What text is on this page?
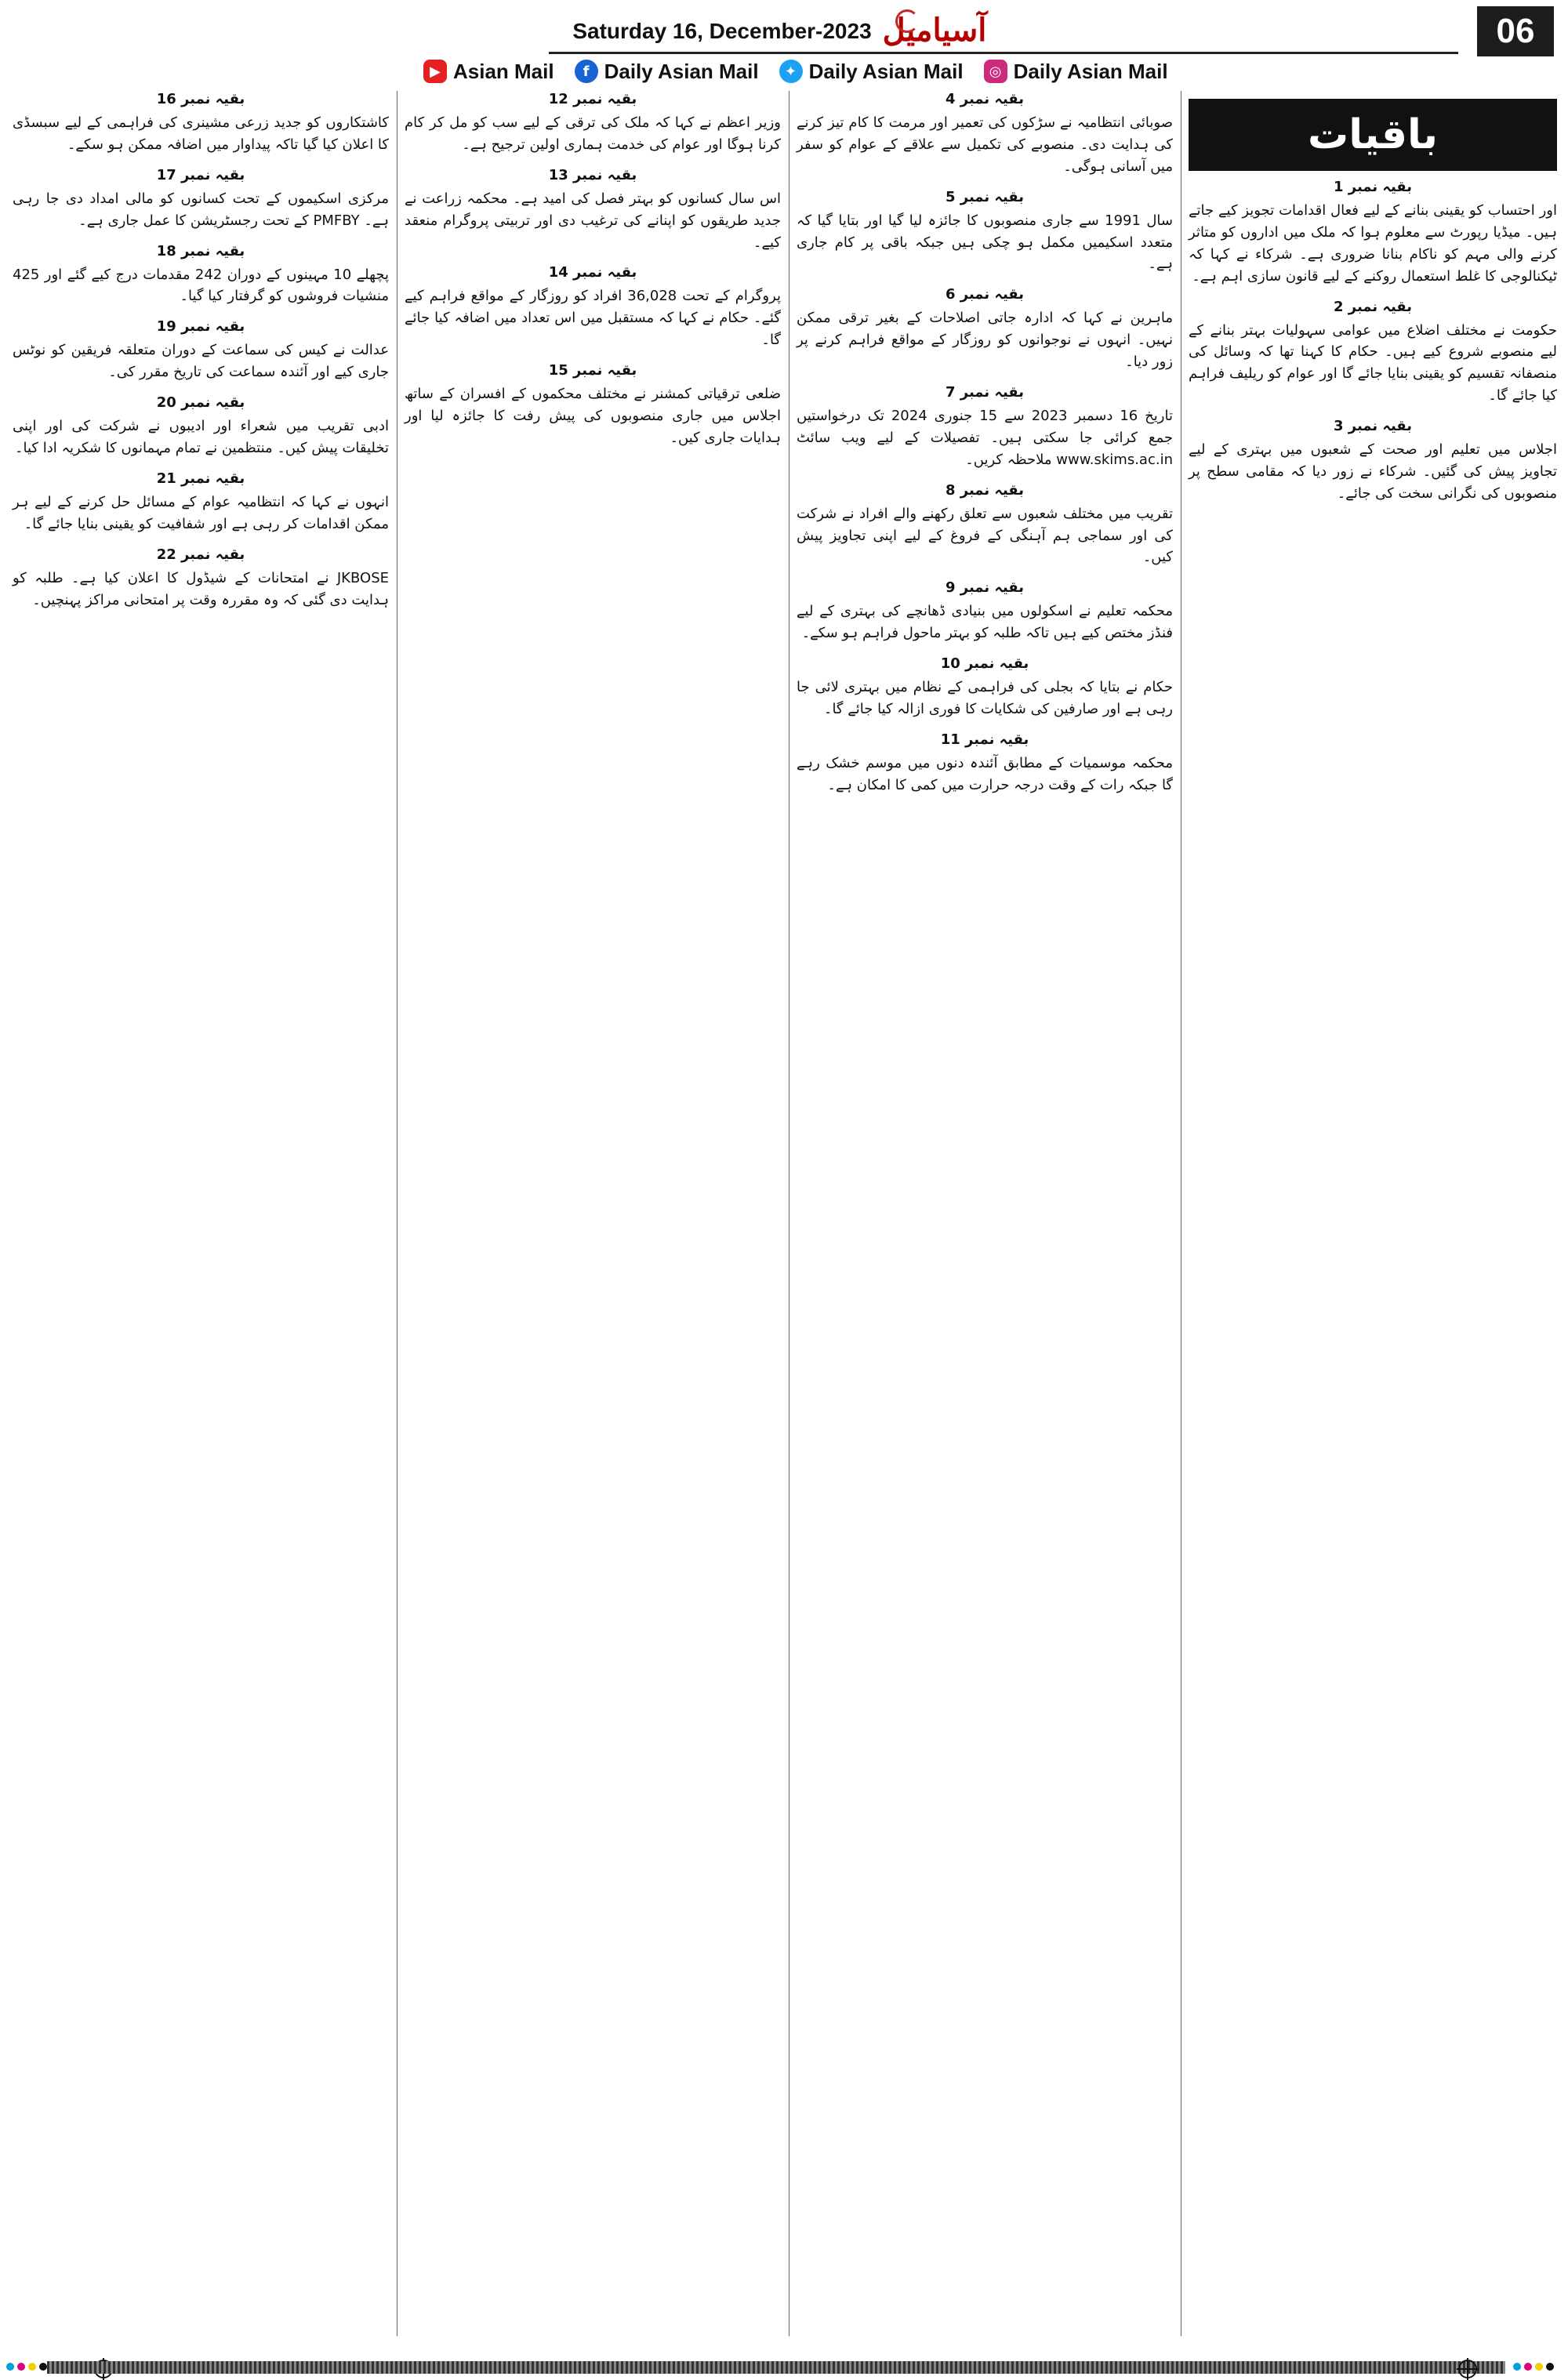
Saturday 16, December-2023 آسیامیل	06
▶ Asian Mail	f Daily Asian Mail	✦ Daily Asian Mail	◎ Daily Asian Mail
باقیات
بقیہ نمبر 1
اور احتساب کو یقینی بنانے کے لیے فعال اقدامات تجویز کیے جاتے ہیں۔ میڈیا رپورٹ سے معلوم ہوا کہ ملک میں اداروں کو متاثر کرنے والی مہم کو ناکام بنانا ضروری ہے۔ شرکاء نے کہا کہ ٹیکنالوجی کا غلط استعمال روکنے کے لیے قانون سازی اہم ہے۔
بقیہ نمبر 2
حکومت نے مختلف اضلاع میں عوامی سہولیات بہتر بنانے کے لیے منصوبے شروع کیے ہیں۔ حکام کا کہنا تھا کہ وسائل کی منصفانہ تقسیم کو یقینی بنایا جائے گا اور عوام کو ریلیف فراہم کیا جائے گا۔
بقیہ نمبر 3
اجلاس میں تعلیم اور صحت کے شعبوں میں بہتری کے لیے تجاویز پیش کی گئیں۔ شرکاء نے زور دیا کہ مقامی سطح پر منصوبوں کی نگرانی سخت کی جائے۔
بقیہ نمبر 4
صوبائی انتظامیہ نے سڑکوں کی تعمیر اور مرمت کا کام تیز کرنے کی ہدایت دی۔ منصوبے کی تکمیل سے علاقے کے عوام کو سفر میں آسانی ہوگی۔
بقیہ نمبر 5
سال 1991 سے جاری منصوبوں کا جائزہ لیا گیا اور بتایا گیا کہ متعدد اسکیمیں مکمل ہو چکی ہیں جبکہ باقی پر کام جاری ہے۔
بقیہ نمبر 6
ماہرین نے کہا کہ ادارہ جاتی اصلاحات کے بغیر ترقی ممکن نہیں۔ انہوں نے نوجوانوں کو روزگار کے مواقع فراہم کرنے پر زور دیا۔
بقیہ نمبر 7
تاریخ 16 دسمبر 2023 سے 15 جنوری 2024 تک درخواستیں جمع کرائی جا سکتی ہیں۔ تفصیلات کے لیے ویب سائٹ www.skims.ac.in ملاحظہ کریں۔
بقیہ نمبر 8
تقریب میں مختلف شعبوں سے تعلق رکھنے والے افراد نے شرکت کی اور سماجی ہم آہنگی کے فروغ کے لیے اپنی تجاویز پیش کیں۔
بقیہ نمبر 9
محکمہ تعلیم نے اسکولوں میں بنیادی ڈھانچے کی بہتری کے لیے فنڈز مختص کیے ہیں تاکہ طلبہ کو بہتر ماحول فراہم ہو سکے۔
بقیہ نمبر 10
حکام نے بتایا کہ بجلی کی فراہمی کے نظام میں بہتری لائی جا رہی ہے اور صارفین کی شکایات کا فوری ازالہ کیا جائے گا۔
بقیہ نمبر 11
محکمہ موسمیات کے مطابق آئندہ دنوں میں موسم خشک رہے گا جبکہ رات کے وقت درجہ حرارت میں کمی کا امکان ہے۔
بقیہ نمبر 12
وزیر اعظم نے کہا کہ ملک کی ترقی کے لیے سب کو مل کر کام کرنا ہوگا اور عوام کی خدمت ہماری اولین ترجیح ہے۔
بقیہ نمبر 13
اس سال کسانوں کو بہتر فصل کی امید ہے۔ محکمہ زراعت نے جدید طریقوں کو اپنانے کی ترغیب دی اور تربیتی پروگرام منعقد کیے۔
بقیہ نمبر 14
پروگرام کے تحت 36,028 افراد کو روزگار کے مواقع فراہم کیے گئے۔ حکام نے کہا کہ مستقبل میں اس تعداد میں اضافہ کیا جائے گا۔
بقیہ نمبر 15
ضلعی ترقیاتی کمشنر نے مختلف محکموں کے افسران کے ساتھ اجلاس میں جاری منصوبوں کی پیش رفت کا جائزہ لیا اور ہدایات جاری کیں۔
بقیہ نمبر 16
کاشتکاروں کو جدید زرعی مشینری کی فراہمی کے لیے سبسڈی کا اعلان کیا گیا تاکہ پیداوار میں اضافہ ممکن ہو سکے۔
بقیہ نمبر 17
مرکزی اسکیموں کے تحت کسانوں کو مالی امداد دی جا رہی ہے۔ PMFBY کے تحت رجسٹریشن کا عمل جاری ہے۔
بقیہ نمبر 18
پچھلے 10 مہینوں کے دوران 242 مقدمات درج کیے گئے اور 425 منشیات فروشوں کو گرفتار کیا گیا۔
بقیہ نمبر 19
عدالت نے کیس کی سماعت کے دوران متعلقہ فریقین کو نوٹس جاری کیے اور آئندہ سماعت کی تاریخ مقرر کی۔
بقیہ نمبر 20
ادبی تقریب میں شعراء اور ادیبوں نے شرکت کی اور اپنی تخلیقات پیش کیں۔ منتظمین نے تمام مہمانوں کا شکریہ ادا کیا۔
بقیہ نمبر 21
انہوں نے کہا کہ انتظامیہ عوام کے مسائل حل کرنے کے لیے ہر ممکن اقدامات کر رہی ہے اور شفافیت کو یقینی بنایا جائے گا۔
بقیہ نمبر 22
JKBOSE نے امتحانات کے شیڈول کا اعلان کیا ہے۔ طلبہ کو ہدایت دی گئی کہ وہ مقررہ وقت پر امتحانی مراکز پہنچیں۔
